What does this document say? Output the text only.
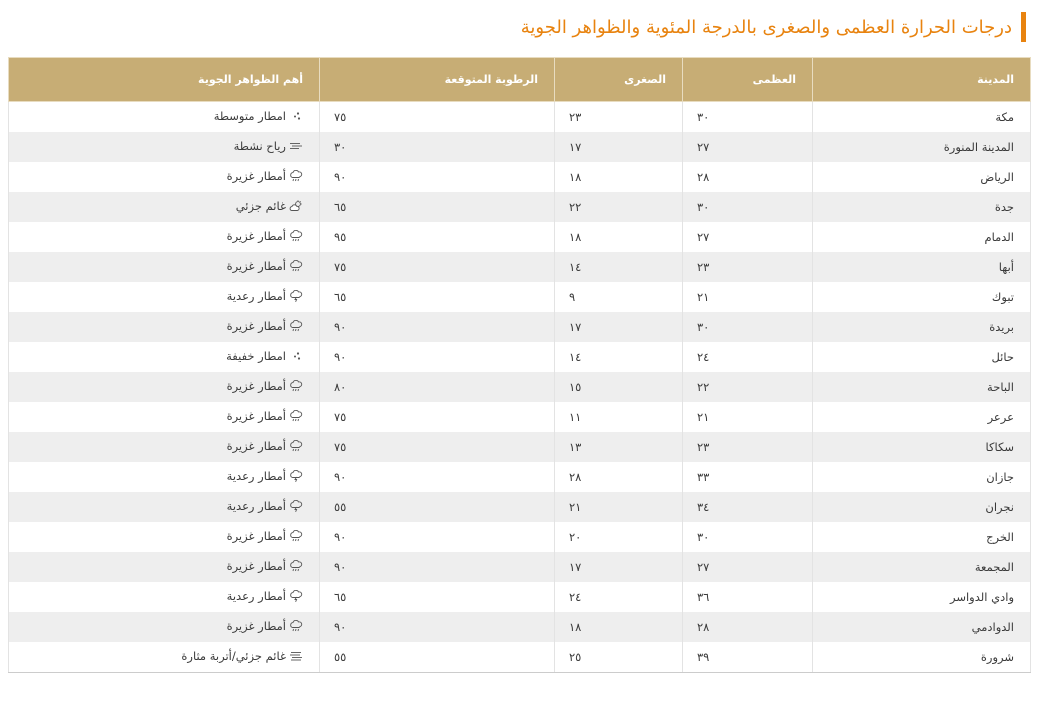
درجات الحرارة العظمى والصغرى بالدرجة المئوية والظواهر الجوية
المدينة	العظمى	الصغرى	الرطوبة المتوقعة	أهم الظواهر الجوية
مكة	٣٠	٢٣	٧٥	امطار متوسطة

المدينة المنورة	٢٧	١٧	٣٠	رياح نشطة

الرياض	٢٨	١٨	٩٠	أمطار غزيرة

جدة	٣٠	٢٢	٦٥	غائم جزئي

الدمام	٢٧	١٨	٩٥	أمطار غزيرة

أبها	٢٣	١٤	٧٥	أمطار غزيرة

تبوك	٢١	٩	٦٥	أمطار رعدية

بريدة	٣٠	١٧	٩٠	أمطار غزيرة

حائل	٢٤	١٤	٩٠	امطار خفيفة

الباحة	٢٢	١٥	٨٠	أمطار غزيرة

عرعر	٢١	١١	٧٥	أمطار غزيرة

سكاكا	٢٣	١٣	٧٥	أمطار غزيرة

جازان	٣٣	٢٨	٩٠	أمطار رعدية

نجران	٣٤	٢١	٥٥	أمطار رعدية

الخرج	٣٠	٢٠	٩٠	أمطار غزيرة

المجمعة	٢٧	١٧	٩٠	أمطار غزيرة

وادي الدواسر	٣٦	٢٤	٦٥	أمطار رعدية

الدوادمي	٢٨	١٨	٩٠	أمطار غزيرة

شرورة	٣٩	٢٥	٥٥	غائم جزئي/أتربة مثارة
